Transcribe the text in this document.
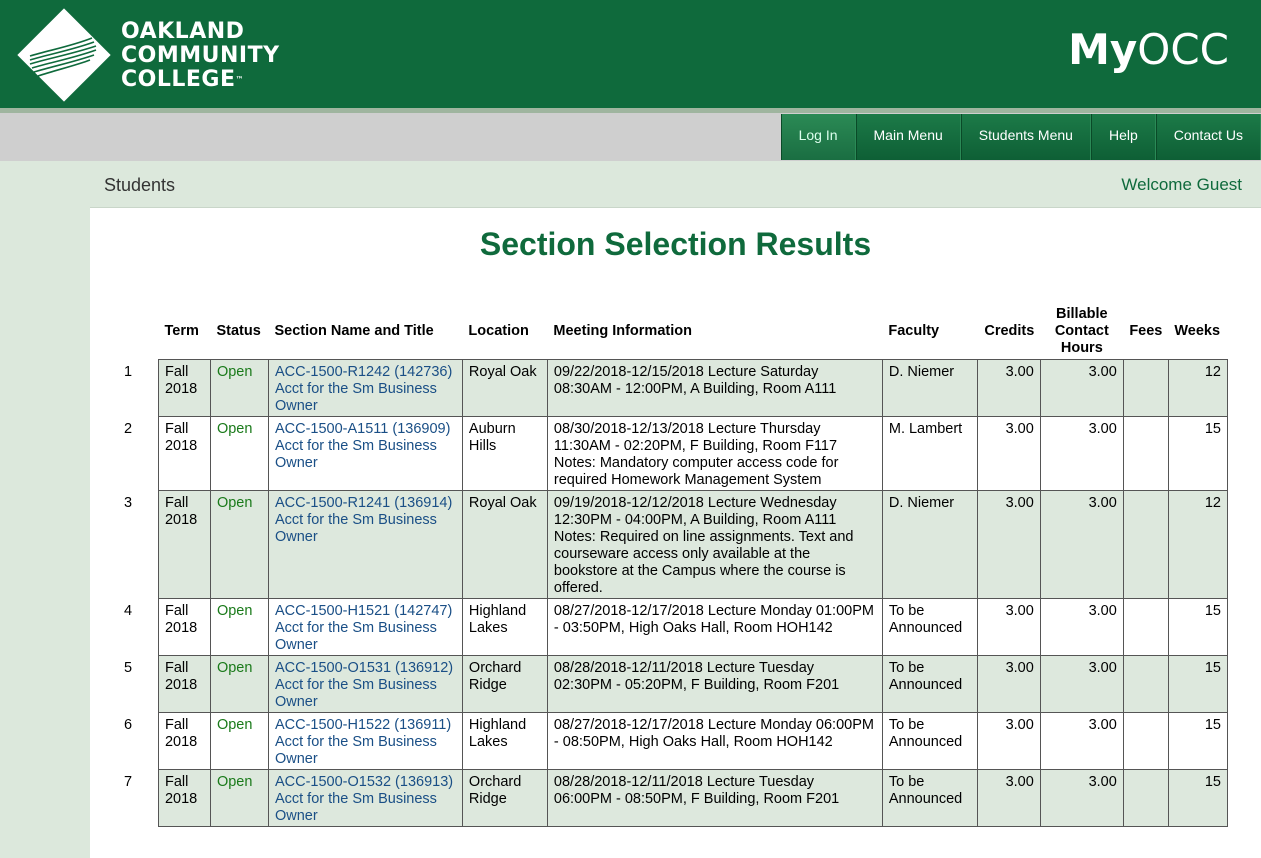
OAKLAND
COMMUNITY
COLLEGE™
MyOCC
Log In	Main Menu	Students Menu	Help	Contact Us
Students	Welcome Guest
Section Selection Results
	Term	Status	Section Name and Title	Location	Meeting Information	Faculty	Credits	Billable Contact Hours	Fees	Weeks
1	Fall 2018	Open	ACC-1500-R1242 (142736) Acct for the Sm Business Owner	Royal Oak	09/22/2018-12/15/2018 Lecture Saturday 08:30AM - 12:00PM, A Building, Room A111	D. Niemer	3.00	3.00		12
2	Fall 2018	Open	ACC-1500-A1511 (136909) Acct for the Sm Business Owner	Auburn Hills	08/30/2018-12/13/2018 Lecture Thursday 11:30AM - 02:20PM, F Building, Room F117 Notes: Mandatory computer access code for required Homework Management System	M. Lambert	3.00	3.00		15
3	Fall 2018	Open	ACC-1500-R1241 (136914) Acct for the Sm Business Owner	Royal Oak	09/19/2018-12/12/2018 Lecture Wednesday 12:30PM - 04:00PM, A Building, Room A111 Notes: Required on line assignments. Text and courseware access only available at the bookstore at the Campus where the course is offered.	D. Niemer	3.00	3.00		12
4	Fall 2018	Open	ACC-1500-H1521 (142747) Acct for the Sm Business Owner	Highland Lakes	08/27/2018-12/17/2018 Lecture Monday 01:00PM - 03:50PM, High Oaks Hall, Room HOH142	To be Announced	3.00	3.00		15
5	Fall 2018	Open	ACC-1500-O1531 (136912) Acct for the Sm Business Owner	Orchard Ridge	08/28/2018-12/11/2018 Lecture Tuesday 02:30PM - 05:20PM, F Building, Room F201	To be Announced	3.00	3.00		15
6	Fall 2018	Open	ACC-1500-H1522 (136911) Acct for the Sm Business Owner	Highland Lakes	08/27/2018-12/17/2018 Lecture Monday 06:00PM - 08:50PM, High Oaks Hall, Room HOH142	To be Announced	3.00	3.00		15
7	Fall 2018	Open	ACC-1500-O1532 (136913) Acct for the Sm Business Owner	Orchard Ridge	08/28/2018-12/11/2018 Lecture Tuesday 06:00PM - 08:50PM, F Building, Room F201	To be Announced	3.00	3.00		15
